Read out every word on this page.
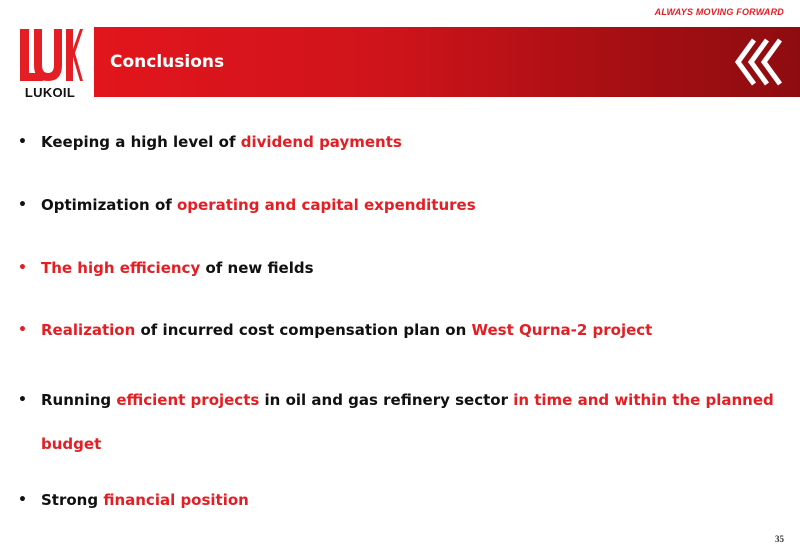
ALWAYS MOVING FORWARD
LUKOIL
Conclusions
• Keeping a high level of dividend payments
• Optimization of operating and capital expenditures
• The high efficiency of new fields
• Realization of incurred cost compensation plan on West Qurna-2 project
• Running efficient projects in oil and gas refinery sector in time and within the planned budget
• Strong financial position
35
